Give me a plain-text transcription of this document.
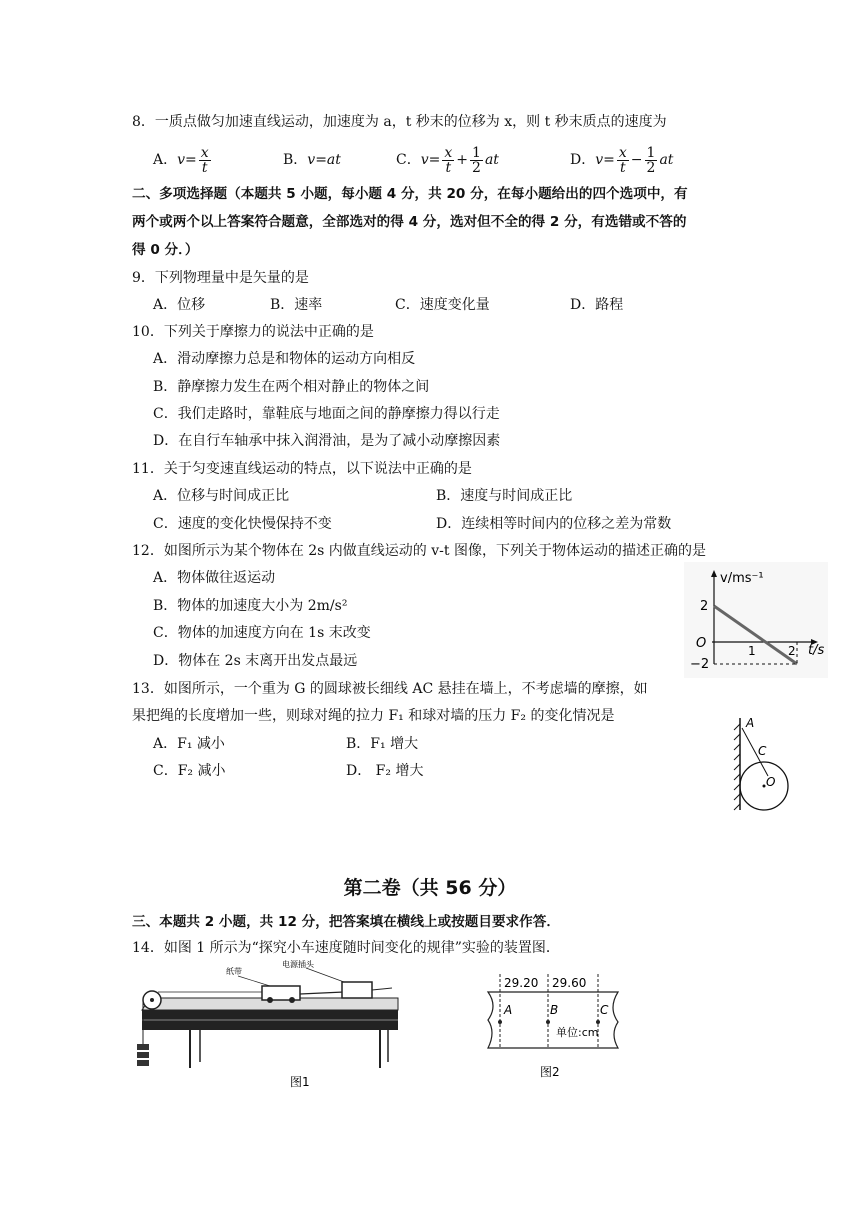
8．一质点做匀加速直线运动，加速度为 a，t 秒末的位移为 x，则 t 秒末质点的速度为
A．$v= \frac{x}{t}$	B．v=at	C．$v= \frac{x}{t} + \frac{1}{2}$ at	D．$v= \frac{x}{t} - \frac{1}{2}$ at
二、多项选择题（本题共 5 小题，每小题 4 分，共 20 分，在每小题给出的四个选项中，有
两个或两个以上答案符合题意，全部选对的得 4 分，选对但不全的得 2 分，有选错或不答的
得 0 分．）
9．下列物理量中是矢量的是
A．位移	B．速率	C．速度变化量	D．路程
10．下列关于摩擦力的说法中正确的是
A．滑动摩擦力总是和物体的运动方向相反
B．静摩擦力发生在两个相对静止的物体之间
C．我们走路时，靠鞋底与地面之间的静摩擦力得以行走
D．在自行车轴承中抹入润滑油，是为了减小动摩擦因素
11．关于匀变速直线运动的特点，以下说法中正确的是
A．位移与时间成正比	B．速度与时间成正比
C．速度的变化快慢保持不变	D．连续相等时间内的位移之差为常数
12．如图所示为某个物体在 2s 内做直线运动的 v-t 图像，下列关于物体运动的描述正确的是
A．物体做往返运动
B．物体的加速度大小为 2m/s²
C．物体的加速度方向在 1s 末改变
D．物体在 2s 末离开出发点最远
v/ms⁻¹
t/s
2
−2
O	1	2
13．如图所示，一个重为 G 的圆球被长细线 AC 悬挂在墙上，不考虑墙的摩擦，如
果把绳的长度增加一些，则球对绳的拉力 F₁ 和球对墙的压力 F₂ 的变化情况是
A．F₁ 减小	B．F₁ 增大
C．F₂ 减小	D． F₂ 增大
A
C
O
第二卷（共 56 分）
三、本题共 2 小题，共 12 分，把答案填在横线上或按题目要求作答．
14．如图 1 所示为“探究小车速度随时间变化的规律”实验的装置图．
纸带
电源插头
图1
29.20 29.60
A	B	C
单位:cm
图2
